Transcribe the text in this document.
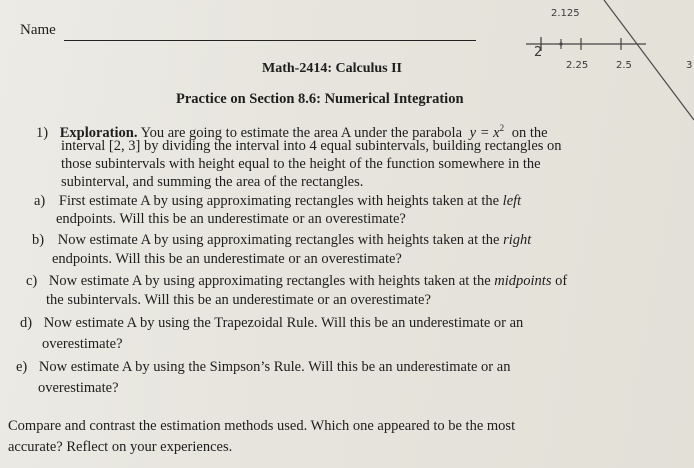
2.125
2
2.25	2.5	3
Name
Math-2414: Calculus II
Practice on Section 8.6: Numerical Integration
1) Exploration. You are going to estimate the area A under the parabola $y = x^2$ on the
interval [2, 3] by dividing the interval into 4 equal subintervals, building rectangles on
those subintervals with height equal to the height of the function somewhere in the
subinterval, and summing the area of the rectangles.
a) First estimate A by using approximating rectangles with heights taken at the left
endpoints. Will this be an underestimate or an overestimate?
b) Now estimate A by using approximating rectangles with heights taken at the right
endpoints. Will this be an underestimate or an overestimate?
c) Now estimate A by using approximating rectangles with heights taken at the midpoints of
the subintervals. Will this be an underestimate or an overestimate?
d) Now estimate A by using the Trapezoidal Rule. Will this be an underestimate or an
overestimate?
e) Now estimate A by using the Simpson’s Rule. Will this be an underestimate or an
overestimate?
Compare and contrast the estimation methods used. Which one appeared to be the most
accurate? Reflect on your experiences.
